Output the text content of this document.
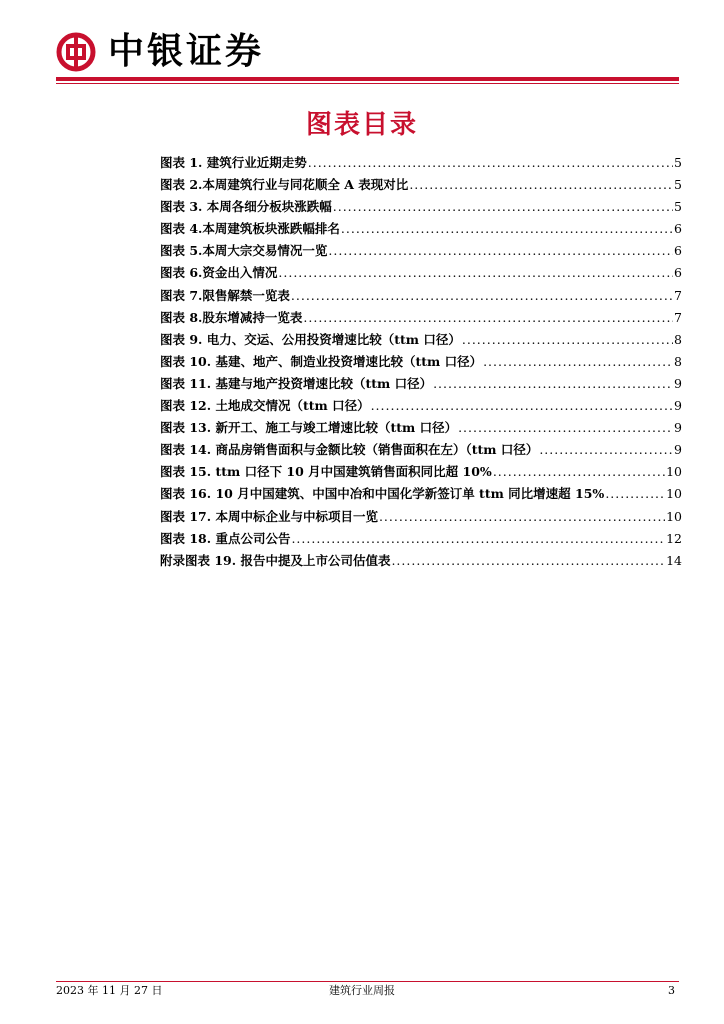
中银证券
图表目录
图表 1. 建筑行业近期走势 .....	5
图表 2.本周建筑行业与同花顺全 A 表现对比 .....	5
图表 3. 本周各细分板块涨跌幅 .....	5
图表 4.本周建筑板块涨跌幅排名 .....	6
图表 5.本周大宗交易情况一览 .....	6
图表 6.资金出入情况 .....	6
图表 7.限售解禁一览表 .....	7
图表 8.股东增减持一览表 .....	7
图表 9. 电力、交运、公用投资增速比较（ttm 口径） .....	8
图表 10. 基建、地产、制造业投资增速比较（ttm 口径） .....	8
图表 11. 基建与地产投资增速比较（ttm 口径） .....	9
图表 12. 土地成交情况（ttm 口径） .....	9
图表 13. 新开工、施工与竣工增速比较（ttm 口径） .....	9
图表 14. 商品房销售面积与金额比较（销售面积在左）（ttm 口径） .....	9
图表 15. ttm 口径下 10 月中国建筑销售面积同比超 10% .....	10
图表 16. 10 月中国建筑、中国中冶和中国化学新签订单 ttm 同比增速超 15% .....	10
图表 17. 本周中标企业与中标项目一览 .....	10
图表 18. 重点公司公告 .....	12
附录图表 19. 报告中提及上市公司估值表 .....	14
2023 年 11 月 27 日	建筑行业周报	3
